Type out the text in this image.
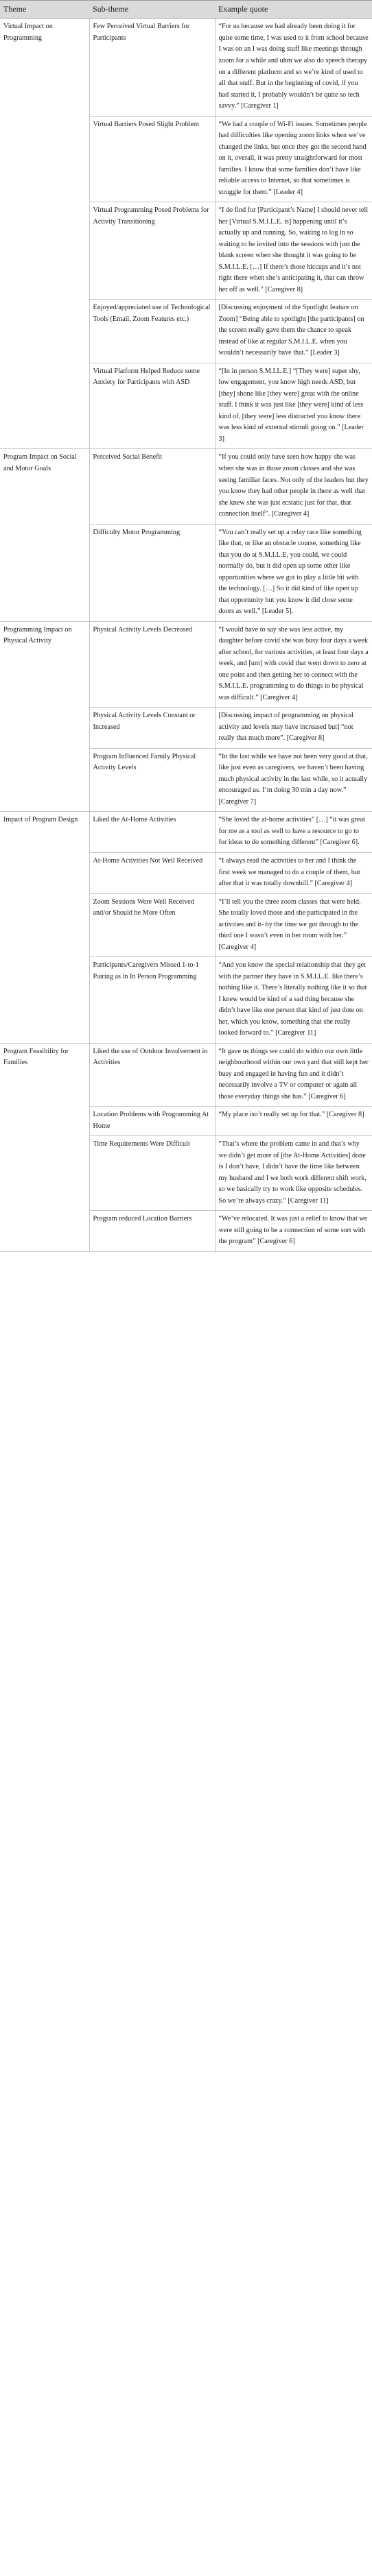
Theme	Sub-theme	Example quote
Virtual Impact on Programming	Few Perceived Virtual Barriers for Participants	“For us because we had already been doing it for quite some time, I was used to it from school because I was on an I was doing stuff like meetings through zoom for a while and uhm we also do speech therapy on a different platform and so we’re kind of used to all that stuff. But in the beginning of covid, if you had started it, I probably wouldn’t be quite so tech savvy.” [Caregiver 1]
	Virtual Barriers Posed Slight Problem	“We had a couple of Wi-Fi issues. Sometimes people had difficulties like opening zoom links when we’ve changed the links, but once they got the second hand on it, overall, it was pretty straightforward for most families. I know that some families don’t have like reliable access to Internet, so that sometimes is struggle for them.” [Leader 4]
	Virtual Programming Posed Problems for Activity Transitioning	“I do find for [Participant’s Name] I should never tell her [Virtual S.M.I.L.E. is] happening until it’s actually up and running. So, waiting to log in so waiting to be invited into the sessions with just the blank screen when she thought it was going to be S.M.I.L.E. […] If there’s those hiccups and it’s not right there when she’s anticipating it, that can throw her off as well.” [Caregiver 8]
	Enjoyed/appreciated use of Technological Tools (Email, Zoom Features etc.)	[Discussing enjoyment of the Spotlight feature on Zoom] “Being able to spotlight [the participants] on the screen really gave them the chance to speak instead of like at regular S.M.I.L.E. when you wouldn’t necessarily have that.” [Leader 3]
	Virtual Platform Helped Reduce some Anxiety for Participants with ASD	“[In in person S.M.I.L.E.] “[They were] super shy, low engagement, you know high needs ASD, but [they] shone like [they were] great with the online stuff. I think it was just like [they were] kind of less kind of, [they were] less distracted you know there was less kind of external stimuli going on.” [Leader 3]
Program Impact on Social and Motor Goals	Perceived Social Benefit	“If you could only have seen how happy she was when she was in those zoom classes and she was seeing familiar faces. Not only of the leaders but they you know they had other people in there as well that she knew she was just ecstatic just for that, that connection itself”. [Caregiver 4]
	Difficulty Motor Programming	“You can’t really set up a relay race like something like that, or like an obstacle course, something like that you do at S.M.I.L.E, you could, we could normally do, but it did open up some other like opportunities where we got to play a little bit with the technology. […] So it did kind of like open up that opportunity but you know it did close some doors as well.” [Leader 5].
Programming Impact on Physical Activity	Physical Activity Levels Decreased	“I would have to say she was less active, my daughter before covid she was busy four days a week after school, for various activities, at least four days a week, and [um] with covid that went down to zero at one point and then getting her to connect with the S.M.I.L.E. programming to do things to be physical was difficult.” [Caregiver 4]
	Physical Activity Levels Constant or Increased	[Discussing impact of programming on physical activity and levels may have increased but] “not really that much more”. [Caregiver 8]
	Program Influenced Family Physical Activity Levels	“In the last while we have not been very good at that, like just even as caregivers, we haven’t been having much physical activity in the last while, so it actually encouraged us. I’m doing 30 min a day now.” [Caregiver 7]
Impact of Program Design	Liked the At-Home Activities	“She loved the at-home activities” […] “it was great for me as a tool as well to have a resource to go to for ideas to do something different” [Caregiver 6].
	At-Home Activities Not Well Received	“I always read the activities to her and I think the first week we managed to do a couple of them, but after that it was totally downhill.” [Caregiver 4]
	Zoom Sessions Were Well Received and/or Should be More Often	“I’ll tell you the three zoom classes that were held. She totally loved those and she participated in the activities and it- by the time we got through to the third one I wasn’t even in her room with her.” [Caregiver 4]
	Participants/Caregivers Missed 1-to-1 Pairing as in In Person Programming	“And you know the special relationship that they get with the partner they have in S.M.I.L.E. like there’s nothing like it. There’s literally nothing like it so that I knew would be kind of a sad thing because she didn’t have like one person that kind of just dote on her, which you know, something that she really looked forward to.” [Caregiver 11]
Program Feasibility for Families	Liked the use of Outdoor Involvement in Activities	“It gave us things we could do within our own little neighbourhood within our own yard that still kept her busy and engaged in having fun and it didn’t necessarily involve a TV or computer or again all those everyday things she has.” [Caregiver 6]
	Location Problems with Programming At Home	“My place isn’t really set up for that.” [Caregiver 8]
	Time Requirements Were Difficult	“That’s where the problem came in and that’s why we didn’t get more of [the At-Home Activities] done is I don’t have, I didn’t have the time like between my husband and I we both work different shift work, so we basically try to work like opposite schedules. So we’re always crazy.” [Caregiver 11]
	Program reduced Location Barriers	“We’ve relocated. It was just a relief to know that we were still going to be a connection of some sort with the program” [Caregiver 6]
